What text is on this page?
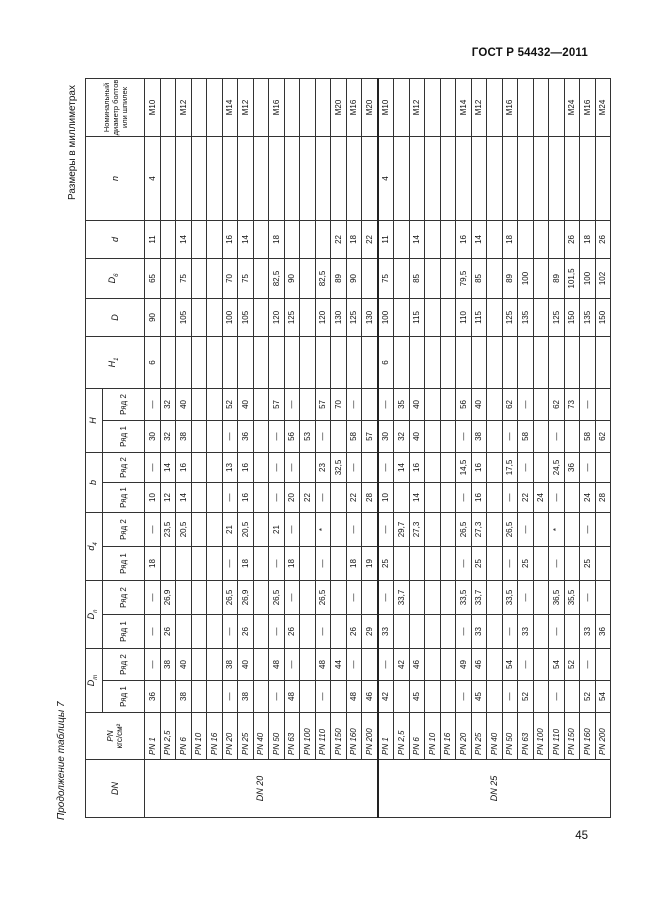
ГОСТ Р 54432—2011
45
Продолжение таблицы 7
Размеры в миллиметрах
DN	PN
кгс/см²	$D_m$		$D_n$		$d_4$		b		H		$H_1$	D	$D_6$	d	n	Номинальный диаметр болтов или шпилек
		Ряд 1	Ряд 2	Ряд 1	Ряд 2	Ряд 1	Ряд 2	Ряд 1	Ряд 2	Ряд 1	Ряд 2						
DN 20	PN 1	36	—	—	—	18	—	10	—	30	—	6	90	65	11	4	M10
	PN 2,5		38	26	26,9		23,5	12	14	32	32						
	PN 6	38	40				20,5	14	16	38	40		105	75	14		M12
	PN 10																
	PN 16																
	PN 20	—	38	—	26,5	—	21	—	13	—	52		100	70	16		M14
	PN 25	38	40	26	26,9	18	20,5	16	16	36	40		105	75	14		M12
	PN 40																
	PN 50	—	48	—	26,5	—	21	—	—	—	57		120	82,5	18		M16
	PN 63	48	—	26	—	18	—	20	—	56	—		125	90			
	PN 100							22		53							
	PN 110	—	48	—	26,5	—	*	—	23	—	57		120	82,5			
	PN 150		44						32,5		70		130	89	22		M20
	PN 160	48	—	26	—	18	—	22	—	58	—		125	90	18		M16
	PN 200	46		29		19		28		57			130		22		M20
DN 25	PN 1	42	—	33	—	25	—	10	—	30	—	6	100	75	11	4	M10
	PN 2,5		42		33,7		29,7		14	32	35						
	PN 6	45	46				27,3	14	16	40	40		115	85	14		M12
	PN 10																
	PN 16																
	PN 20	—	49	—	33,5	—	26,5	—	14,5	—	56		110	79,5	16		M14
	PN 25	45	46	33	33,7	25	27,3	16	16	38	40		115	85	14		M12
	PN 40																
	PN 50	—	54	—	33,5	—	26,5	—	17,5	—	62		125	89	18		M16
	PN 63	52	—	33	—	25	—	22	—	58	—		135	100			
	PN 100							24									
	PN 110	—	54	—	36,5	—	*	—	24,5	—	62		125	89			
	PN 150		52		35,5				36		73		150	101,5	26		M24
	PN 160	52	—	33	—	25	—	24	—	58	—		135	100	18		M16
	PN 200	54		36				28		62			150	102	26		M24
